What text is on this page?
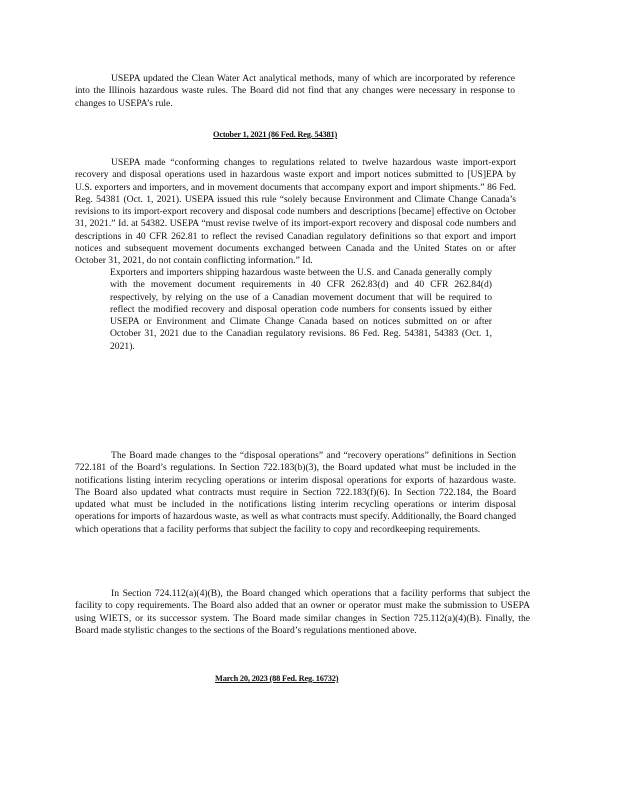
USEPA updated the Clean Water Act analytical methods, many of which are incorporated by reference into the Illinois hazardous waste rules. The Board did not find that any changes were necessary in response to changes to USEPA’s rule.

October 1, 2021 (86 Fed. Reg. 54381)

USEPA made “conforming changes to regulations related to twelve hazardous waste import-export recovery and disposal operations used in hazardous waste export and import notices submitted to [US]EPA by U.S. exporters and importers, and in movement documents that accompany export and import shipments.” 86 Fed. Reg. 54381 (Oct. 1, 2021). USEPA issued this rule “solely because Environment and Climate Change Canada’s revisions to its import-export recovery and disposal code numbers and descriptions [became] effective on October 31, 2021.” Id. at 54382. USEPA “must revise twelve of its import-export recovery and disposal code numbers and descriptions in 40 CFR 262.81 to reflect the revised Canadian regulatory definitions so that export and import notices and subsequent movement documents exchanged between Canada and the United States on or after October 31, 2021, do not contain conflicting information.” Id.

Exporters and importers shipping hazardous waste between the U.S. and Canada generally comply with the movement document requirements in 40 CFR 262.83(d) and 40 CFR 262.84(d) respectively, by relying on the use of a Canadian movement document that will be required to reflect the modified recovery and disposal operation code numbers for consents issued by either USEPA or Environment and Climate Change Canada based on notices submitted on or after October 31, 2021 due to the Canadian regulatory revisions. 86 Fed. Reg. 54381, 54383 (Oct. 1, 2021).

The Board made changes to the “disposal operations” and “recovery operations” definitions in Section 722.181 of the Board’s regulations. In Section 722.183(b)(3), the Board updated what must be included in the notifications listing interim recycling operations or interim disposal operations for exports of hazardous waste. The Board also updated what contracts must require in Section 722.183(f)(6). In Section 722.184, the Board updated what must be included in the notifications listing interim recycling operations or interim disposal operations for imports of hazardous waste, as well as what contracts must specify. Additionally, the Board changed which operations that a facility performs that subject the facility to copy and recordkeeping requirements.

In Section 724.112(a)(4)(B), the Board changed which operations that a facility performs that subject the facility to copy requirements. The Board also added that an owner or operator must make the submission to USEPA using WIETS, or its successor system. The Board made similar changes in Section 725.112(a)(4)(B). Finally, the Board made stylistic changes to the sections of the Board’s regulations mentioned above.

March 20, 2023 (88 Fed. Reg. 16732)
